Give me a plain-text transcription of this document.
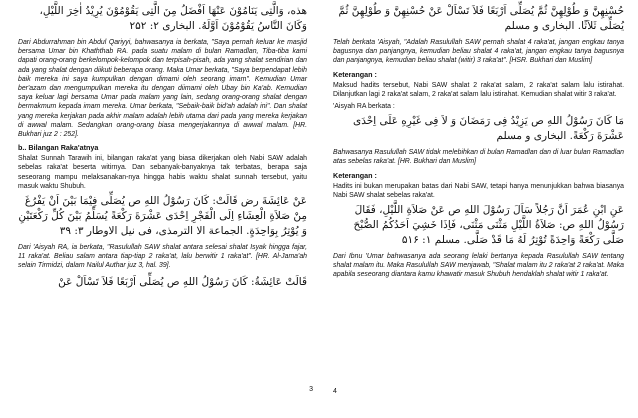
هذه، وَالَّتِى يَنَامُوْنَ عَنْهَا اَفْضَلُ مِنَ الَّتِى يَقُوْمُوْنَ يُرِيْدُ اٰخِرَ اللَّيْلِ، وَكَانَ النَّاسُ يَقُوْمُوْنَ اَوَّلَهُ. البخارى ۲: ۲۵۲

Dari Abdurrahman bin Abdul Qariyyi, bahwasanya ia berkata, "Saya pernah keluar ke masjid bersama Umar bin Khaththab RA. pada suatu malam di bulan Ramadlan, Tiba-tiba kami dapati orang-orang berkelompok-kelompok dan terpisah-pisah, ada yang shalat sendirian dan ada yang shalat dengan diikuti beberapa orang. Maka Umar berkata, "Saya berpendapat lebih baik mereka ini saya kumpulkan dengan dimami oleh seorang imam". Kemudian Umar ber'azam dan mengumpulkan mereka itu dengan diimami oleh Ubay bin Ka'ab. Kemudian saya keluar lagi bersama Umar pada malam yang lain, sedang orang-orang shalat dengan bermakmum kepada imam mereka. Umar berkata, "Sebaik-baik bid'ah adalah ini". Dan shalat yang mereka kerjakan pada akhir malam adalah lebih utama dari pada yang mereka kerjakan di awwal malam. Sedangkan orang-orang biasa mengerjakannya di awwal malam. [HR. Bukhari juz 2 : 252].

b.. Bilangan Raka'atnya

Shalat Sunnah Tarawih ini, bilangan raka'at yang biasa dikerjakan oleh Nabi SAW adalah sebelas raka'at beserta witirnya. Dan sebanyak-banyaknya tak terbatas, berapa saja seseorang mampu melaksanakan-nya hingga habis waktu shalat sunnah tersebut, yaitu masuk waktu Shubuh.

عَنْ عَائِشَةَ رض قَالَتْ: كَانَ رَسُوْلُ اللهِ ص يُصَلِّى فِيْمَا بَيْنَ اَنْ يَفْرُغَ مِنْ صَلاَةِ الْعِشَاءِ اِلَى الْفَجْرِ اِحْدَى عَشْرَةَ رَكْعَةً يُسَلِّمُ بَيْنَ كُلِّ رَكْعَتَيْنِ وَ يُوْتِرُ بِوَاحِدَةٍ. الجماعة الا الترمذى، فى نيل الاوطار ۳: ۳۹

Dari 'Aisyah RA, ia berkata, "Rasulullah SAW shalat antara selesai shalat Isyak hingga fajar, 11 raka'at. Beliau salam antara tiap-tiap 2 raka'at, lalu berwitir 1 raka'at". [HR. Al-Jama'ah selain Tirmidzi, dalam Nailul Authar juz 3, hal. 39].

قَالَتْ عَائِشَةُ: كَانَ رَسُوْلُ اللهِ ص يُصَلِّى اَرْبَعًا فَلاَ تَسْاَلْ عَنْ

3

حُسْنِهِنَّ وَ طُوْلِهِنَّ ثُمَّ يُصَلِّى اَرْبَعًا فَلاَ تَسْاَلْ عَنْ حُسْنِهِنَّ وَ طُوْلِهِنَّ ثُمَّ يُصَلِّى ثَلاَثًا. البخارى و مسلم

Telah berkata 'Aisyah, "Adalah Rasulullah SAW pernah shalat 4 raka'at, jangan engkau tanya bagusnya dan panjangnya, kemudian beliau shalat 4 raka'at, jangan engkau tanya bagusnya dan panjangnya, kemudian beliau shalat (witir) 3 raka'at". [HSR. Bukhari dan Muslim]

Keterangan :

Maksud hadits tersebut, Nabi SAW shalat 2 raka'at salam, 2 raka'at salam lalu istirahat. Dilanjutkan lagi 2 raka'at salam, 2 raka'at salam lalu istirahat. Kemudian shalat witir 3 raka'at.

'Aisyah RA berkata :

مَا كَانَ رَسُوْلُ اللهِ ص يَزِيْدُ فِى رَمَضَانَ وَ لاَ فِى غَيْرِهِ عَلَى اِحْدَى عَشْرَةَ رَكْعَةً. البخارى و مسلم

Bahwasanya Rasulullah SAW tidak melebihkan di bulan Ramadlan dan di luar bulan Ramadlan atas sebelas raka'at. [HR. Bukhari dan Muslim]

Keterangan :

Hadits ini bukan merupakan batas dari Nabi SAW, tetapi hanya menunjukkan bahwa biasanya Nabi SAW shalat sebelas raka'at.

عَنِ ابْنِ عُمَرَ اَنَّ رَجُلاً سَاَلَ رَسُوْلَ اللهِ ص عَنْ صَلاَةِ اللَّيْلِ، فَقَالَ رَسُوْلُ اللهِ ص: صَلاَةُ اللَّيْلِ مَثْنَى مَثْنَى، فَاِذَا خَشِيَ اَحَدُكُمُ الصُّبْحَ صَلَّى رَكْعَةً وَاحِدَةً تُوْتِرُ لَهُ مَا قَدْ صَلَّى. مسلم ۱: ۵۱۶

Dari Ibnu 'Umar bahwasanya ada seorang lelaki bertanya kepada Rasulullah SAW tentang shalat malam itu. Maka Rasulullah SAW menjawab, "Shalat malam itu 2 raka'at 2 raka'at. Maka apabila seseorang diantara kamu khawatir masuk Shubuh hendaklah shalat witir 1 raka'at.

4
